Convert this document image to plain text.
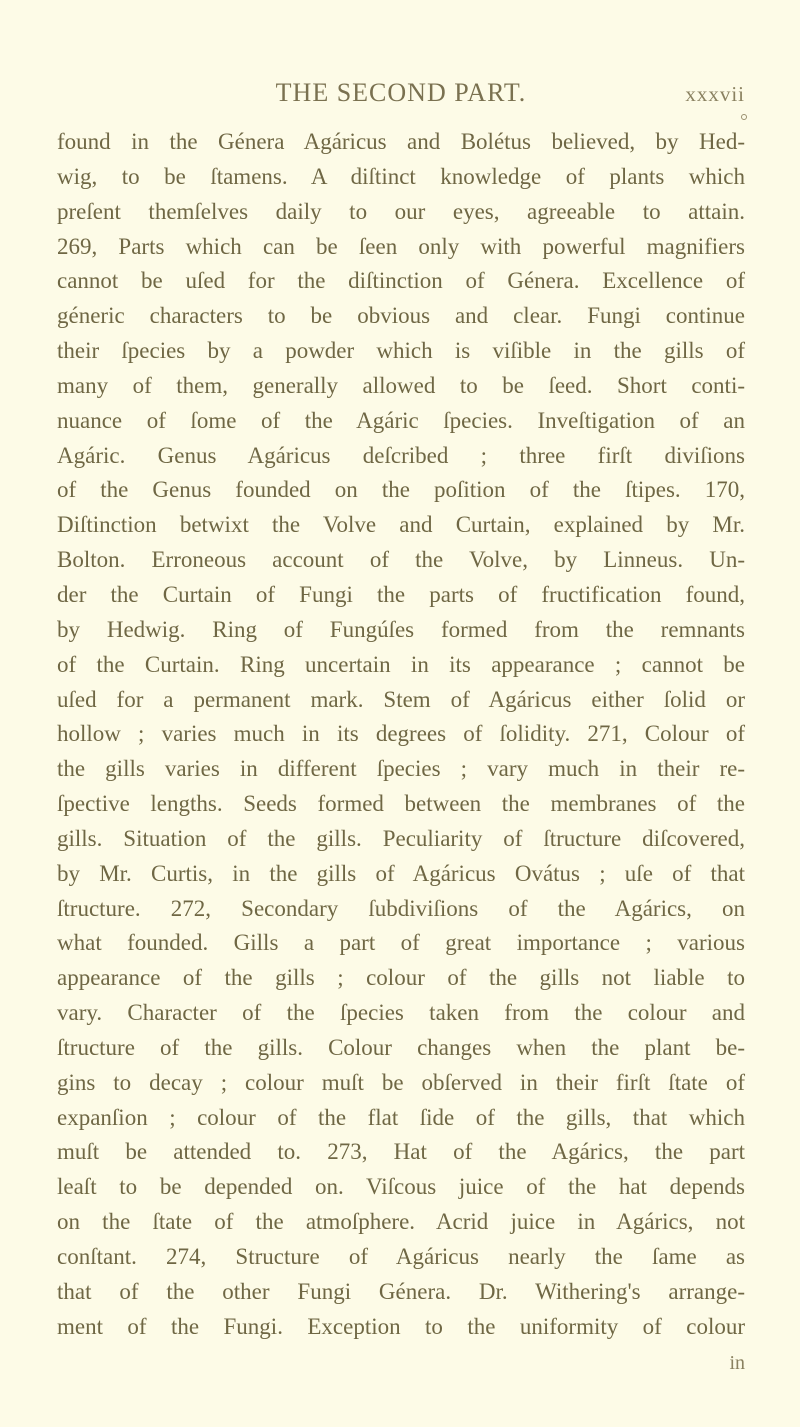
THE SECOND PART.	xxxvii
found in the Génera Agáricus and Bolétus believed, by Hed-
wig, to be ſtamens. A diſtinct knowledge of plants which
preſent themſelves daily to our eyes, agreeable to attain.
269, Parts which can be ſeen only with powerful magnifiers
cannot be uſed for the diſtinction of Génera. Excellence of
géneric characters to be obvious and clear. Fungi continue
their ſpecies by a powder which is viſible in the gills of
many of them, generally allowed to be ſeed. Short conti-
nuance of ſome of the Agáric ſpecies. Inveſtigation of an
Agáric. Genus Agáricus deſcribed ; three firſt diviſions
of the Genus founded on the poſition of the ſtipes. 170,
Diſtinction betwixt the Volve and Curtain, explained by Mr.
Bolton. Erroneous account of the Volve, by Linneus. Un-
der the Curtain of Fungi the parts of fructification found,
by Hedwig. Ring of Fungúſes formed from the remnants
of the Curtain. Ring uncertain in its appearance ; cannot be
uſed for a permanent mark. Stem of Agáricus either ſolid or
hollow ; varies much in its degrees of ſolidity. 271, Colour of
the gills varies in different ſpecies ; vary much in their re-
ſpective lengths. Seeds formed between the membranes of the
gills. Situation of the gills. Peculiarity of ſtructure diſcovered,
by Mr. Curtis, in the gills of Agáricus Ovátus ; uſe of that
ſtructure. 272, Secondary ſubdiviſions of the Agárics, on
what founded. Gills a part of great importance ; various
appearance of the gills ; colour of the gills not liable to
vary. Character of the ſpecies taken from the colour and
ſtructure of the gills. Colour changes when the plant be-
gins to decay ; colour muſt be obſerved in their firſt ſtate of
expanſion ; colour of the flat ſide of the gills, that which
muſt be attended to. 273, Hat of the Agárics, the part
leaſt to be depended on. Viſcous juice of the hat depends
on the ſtate of the atmoſphere. Acrid juice in Agárics, not
conſtant. 274, Structure of Agáricus nearly the ſame as
that of the other Fungi Génera. Dr. Withering's arrange-
ment of the Fungi. Exception to the uniformity of colour
in
